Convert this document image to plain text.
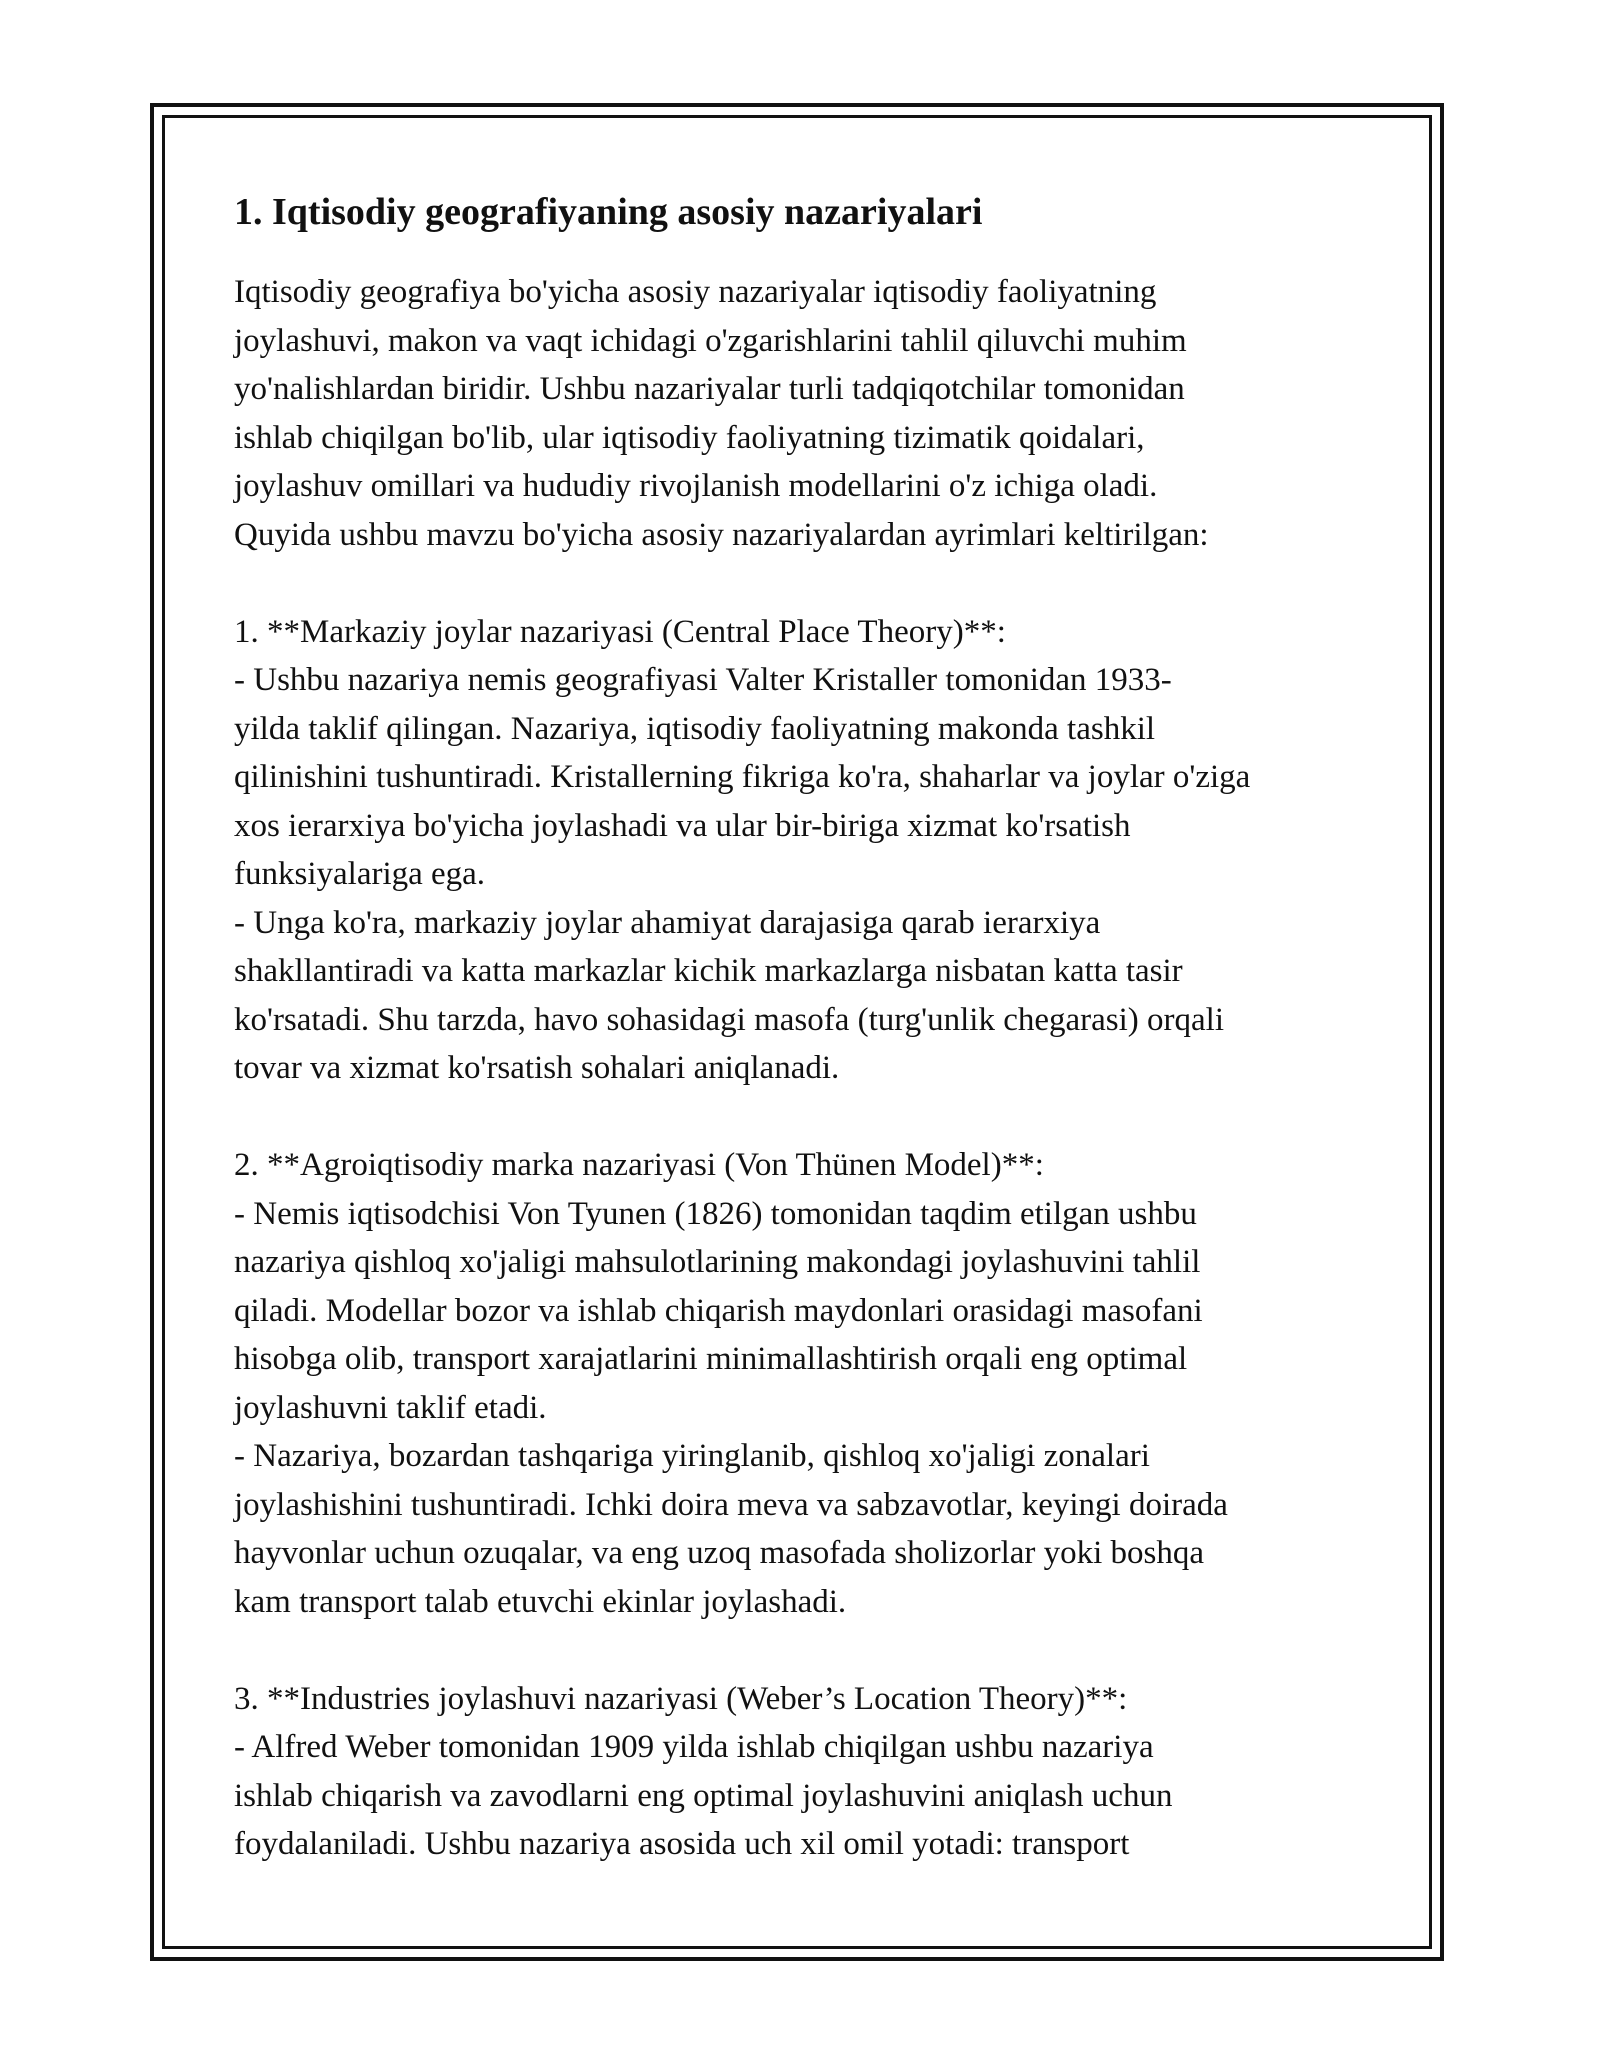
1. Iqtisodiy geografiyaning asosiy nazariyalari

Iqtisodiy geografiya bo'yicha asosiy nazariyalar iqtisodiy faoliyatning
joylashuvi, makon va vaqt ichidagi o'zgarishlarini tahlil qiluvchi muhim
yo'nalishlardan biridir. Ushbu nazariyalar turli tadqiqotchilar tomonidan
ishlab chiqilgan bo'lib, ular iqtisodiy faoliyatning tizimatik qoidalari,
joylashuv omillari va hududiy rivojlanish modellarini o'z ichiga oladi.
Quyida ushbu mavzu bo'yicha asosiy nazariyalardan ayrimlari keltirilgan:

1. **Markaziy joylar nazariyasi (Central Place Theory)**:
- Ushbu nazariya nemis geografiyasi Valter Kristaller tomonidan 1933-
yilda taklif qilingan. Nazariya, iqtisodiy faoliyatning makonda tashkil
qilinishini tushuntiradi. Kristallerning fikriga ko'ra, shaharlar va joylar o'ziga
xos ierarxiya bo'yicha joylashadi va ular bir-biriga xizmat ko'rsatish
funksiyalariga ega.
- Unga ko'ra, markaziy joylar ahamiyat darajasiga qarab ierarxiya
shakllantiradi va katta markazlar kichik markazlarga nisbatan katta tasir
ko'rsatadi. Shu tarzda, havo sohasidagi masofa (turg'unlik chegarasi) orqali
tovar va xizmat ko'rsatish sohalari aniqlanadi.

2. **Agroiqtisodiy marka nazariyasi (Von Thünen Model)**:
- Nemis iqtisodchisi Von Tyunen (1826) tomonidan taqdim etilgan ushbu
nazariya qishloq xo'jaligi mahsulotlarining makondagi joylashuvini tahlil
qiladi. Modellar bozor va ishlab chiqarish maydonlari orasidagi masofani
hisobga olib, transport xarajatlarini minimallashtirish orqali eng optimal
joylashuvni taklif etadi.
- Nazariya, bozardan tashqariga yiringlanib, qishloq xo'jaligi zonalari
joylashishini tushuntiradi. Ichki doira meva va sabzavotlar, keyingi doirada
hayvonlar uchun ozuqalar, va eng uzoq masofada sholizorlar yoki boshqa
kam transport talab etuvchi ekinlar joylashadi.

3. **Industries joylashuvi nazariyasi (Weber’s Location Theory)**:
- Alfred Weber tomonidan 1909 yilda ishlab chiqilgan ushbu nazariya
ishlab chiqarish va zavodlarni eng optimal joylashuvini aniqlash uchun
foydalaniladi. Ushbu nazariya asosida uch xil omil yotadi: transport
